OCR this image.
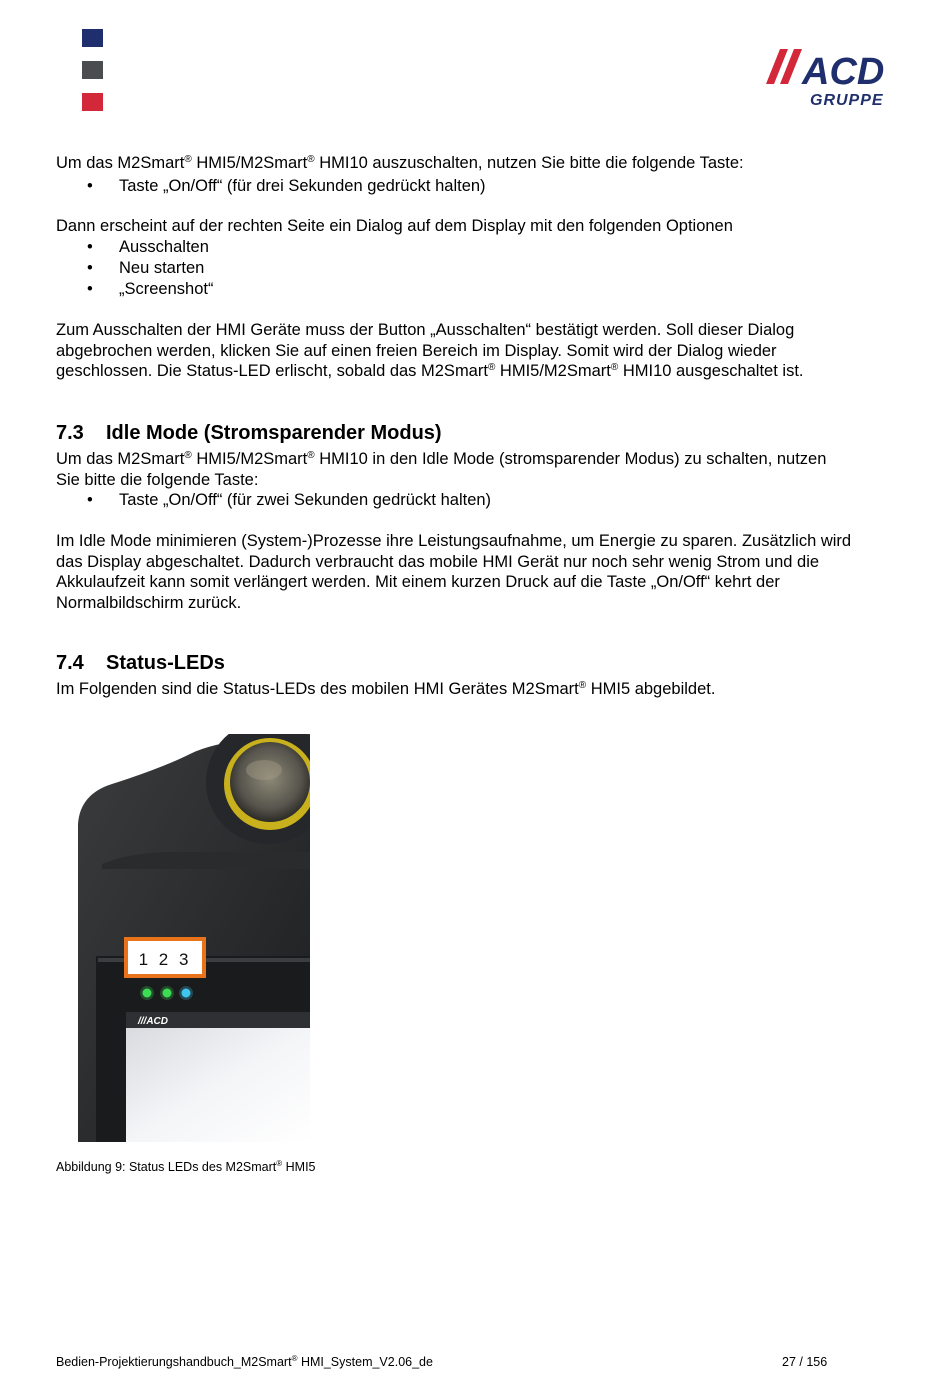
ACD
GRUPPE
Um das M2Smart® HMI5/M2Smart® HMI10 auszuschalten, nutzen Sie bitte die folgende Taste:
• Taste „On/Off“ (für drei Sekunden gedrückt halten)
Dann erscheint auf der rechten Seite ein Dialog auf dem Display mit den folgenden Optionen
• Ausschalten
• Neu starten
• „Screenshot“
Zum Ausschalten der HMI Geräte muss der Button „Ausschalten“ bestätigt werden. Soll dieser Dialog
abgebrochen werden, klicken Sie auf einen freien Bereich im Display. Somit wird der Dialog wieder
geschlossen. Die Status-LED erlischt, sobald das M2Smart® HMI5/M2Smart® HMI10 ausgeschaltet ist.
7.3 Idle Mode (Stromsparender Modus)
Um das M2Smart® HMI5/M2Smart® HMI10 in den Idle Mode (stromsparender Modus) zu schalten, nutzen
Sie bitte die folgende Taste:
• Taste „On/Off“ (für zwei Sekunden gedrückt halten)
Im Idle Mode minimieren (System-)Prozesse ihre Leistungsaufnahme, um Energie zu sparen. Zusätzlich wird
das Display abgeschaltet. Dadurch verbraucht das mobile HMI Gerät nur noch sehr wenig Strom und die
Akkulaufzeit kann somit verlängert werden. Mit einem kurzen Druck auf die Taste „On/Off“ kehrt der
Normalbildschirm zurück.
7.4 Status-LEDs
Im Folgenden sind die Status-LEDs des mobilen HMI Gerätes M2Smart® HMI5 abgebildet.
1 2 3
///ACD
Abbildung 9: Status LEDs des M2Smart® HMI5
Bedien-Projektierungshandbuch_M2Smart® HMI_System_V2.06_de	27 / 156
